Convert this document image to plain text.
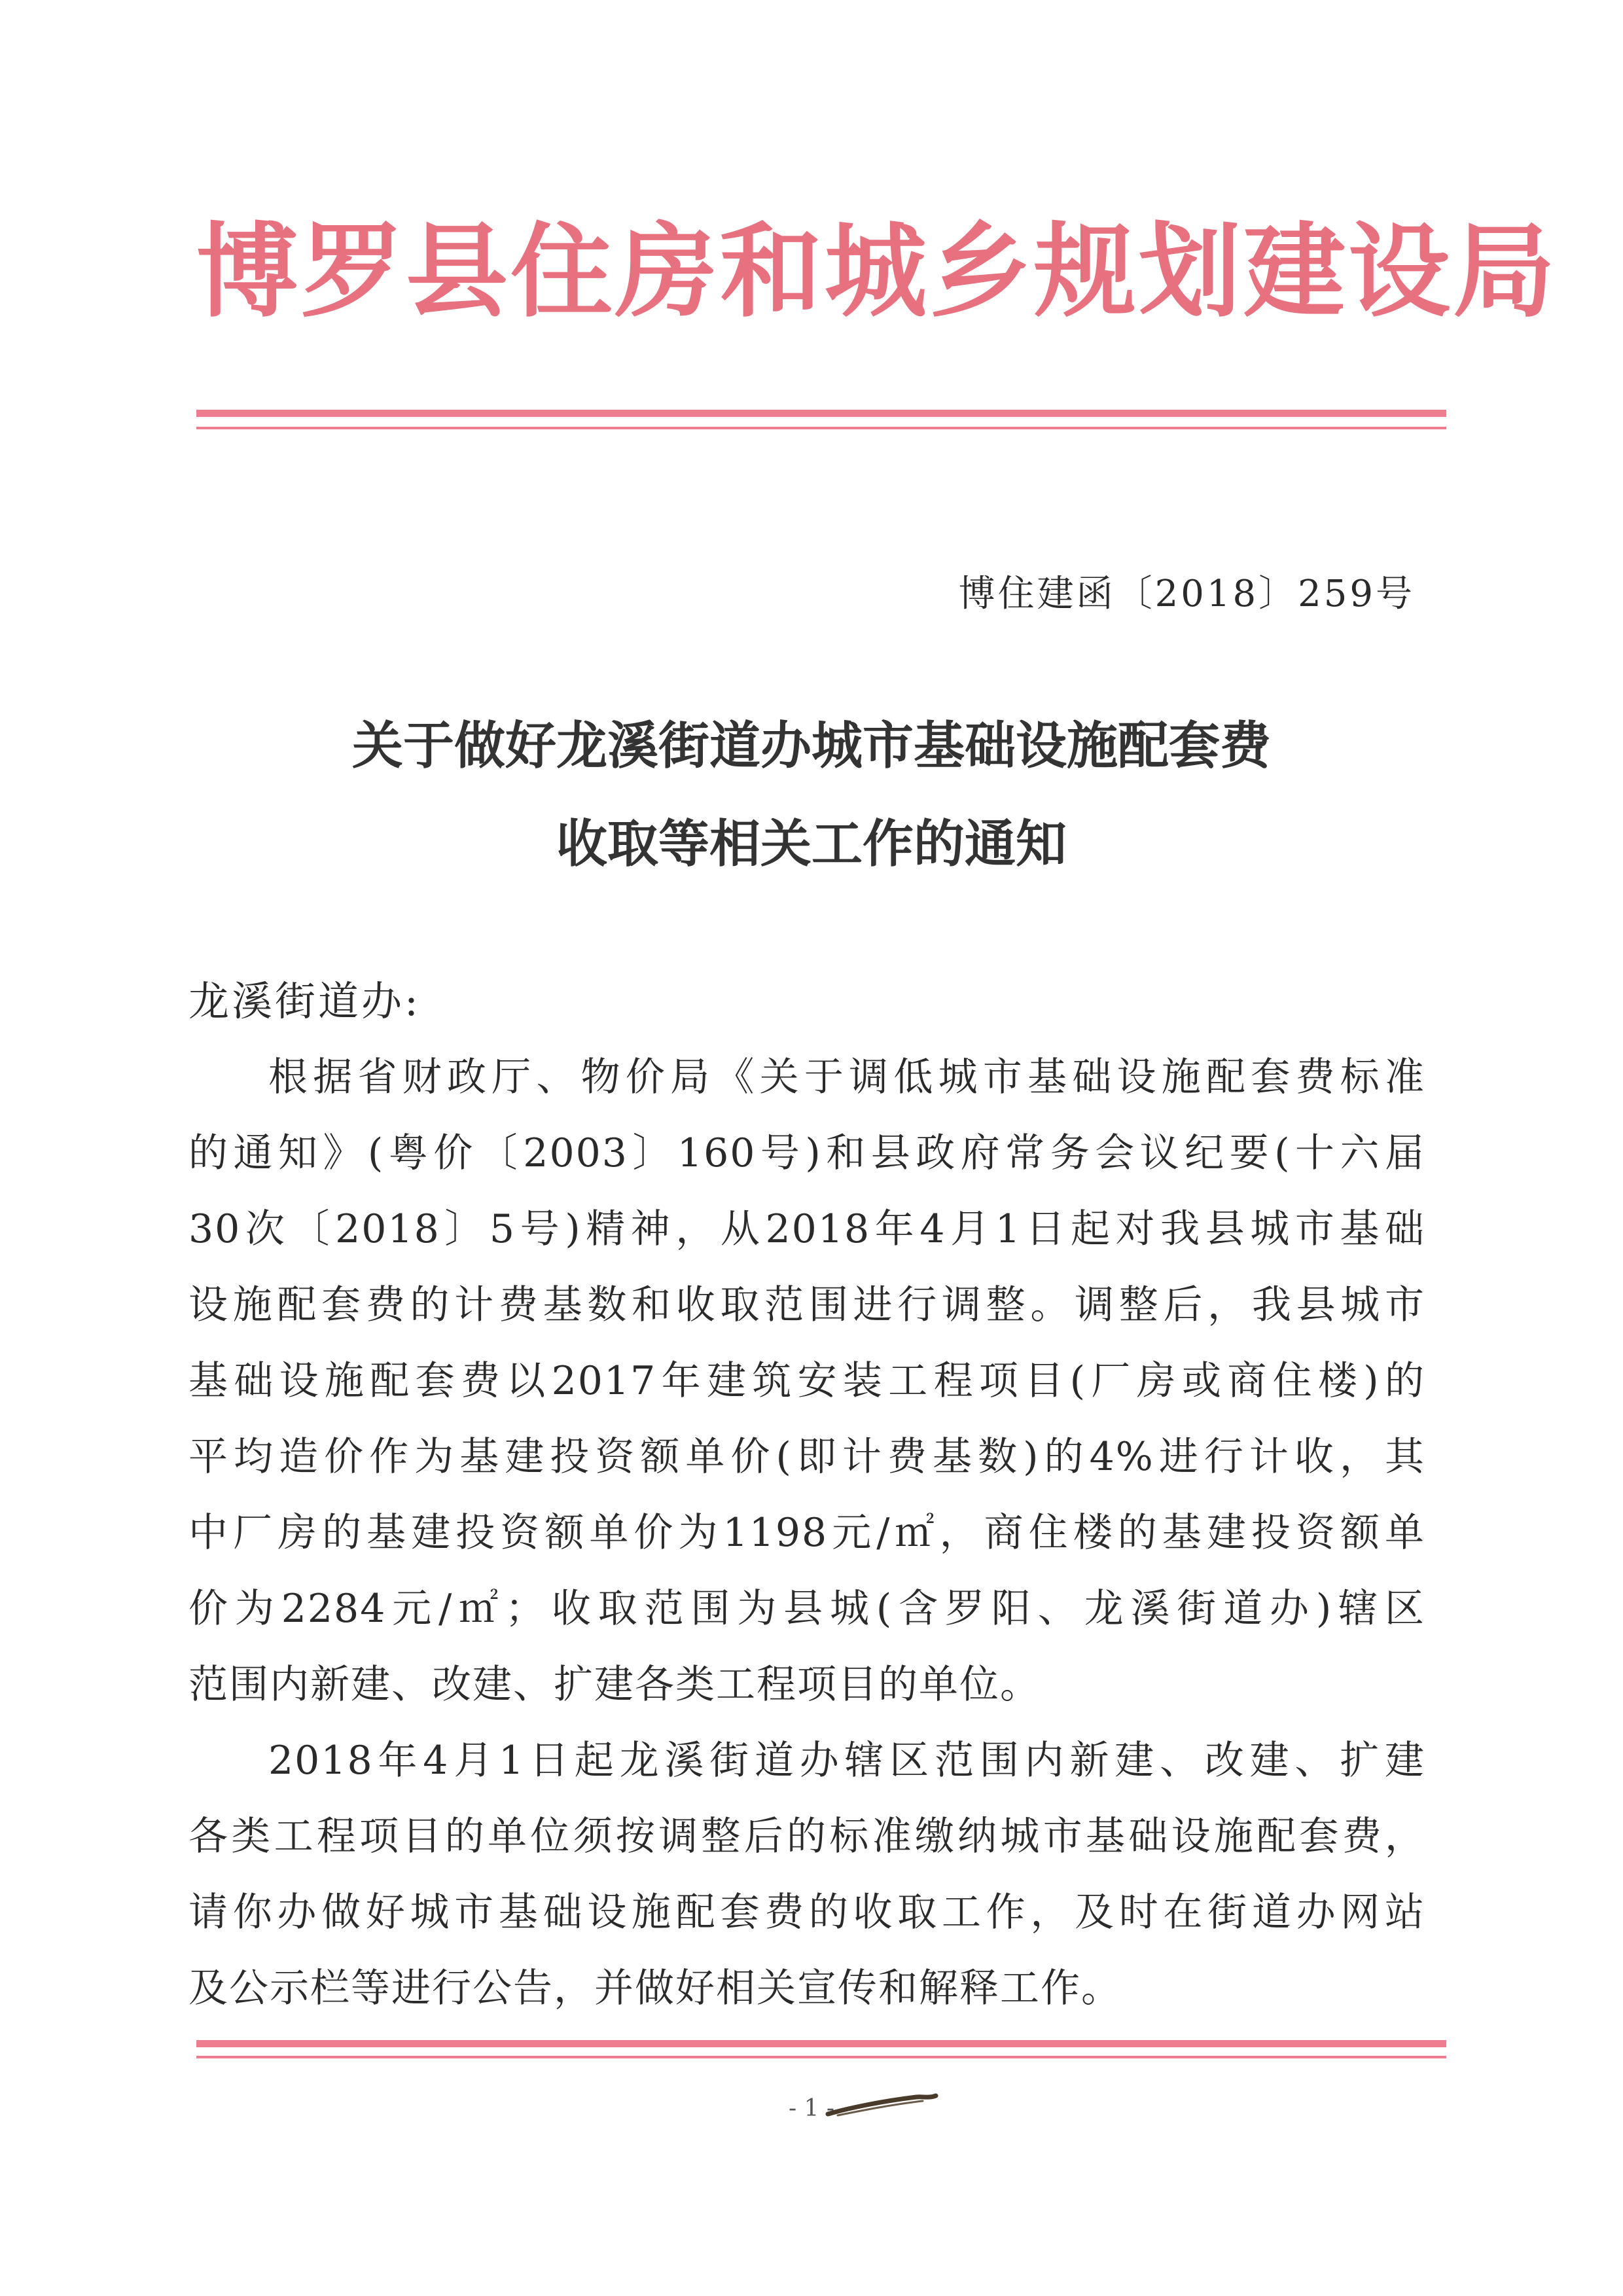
博罗县住房和城乡规划建设局
博住建函〔2018〕259号
关于做好龙溪街道办城市基础设施配套费
收取等相关工作的通知
龙溪街道办:
根据省财政厅、物价局《关于调低城市基础设施配套费标准
的通知》(粤价〔2003〕160号)和县政府常务会议纪要(十六届
30次〔2018〕5号)精神，从2018年4月1日起对我县城市基础
设施配套费的计费基数和收取范围进行调整。调整后，我县城市
基础设施配套费以2017年建筑安装工程项目(厂房或商住楼)的
平均造价作为基建投资额单价(即计费基数)的4%进行计收，其
中厂房的基建投资额单价为1198元/㎡，商住楼的基建投资额单
价为2284元/㎡；收取范围为县城(含罗阳、龙溪街道办)辖区
范围内新建、改建、扩建各类工程项目的单位。
2018年4月1日起龙溪街道办辖区范围内新建、改建、扩建
各类工程项目的单位须按调整后的标准缴纳城市基础设施配套费，
请你办做好城市基础设施配套费的收取工作，及时在街道办网站
及公示栏等进行公告，并做好相关宣传和解释工作。
- 1 -
